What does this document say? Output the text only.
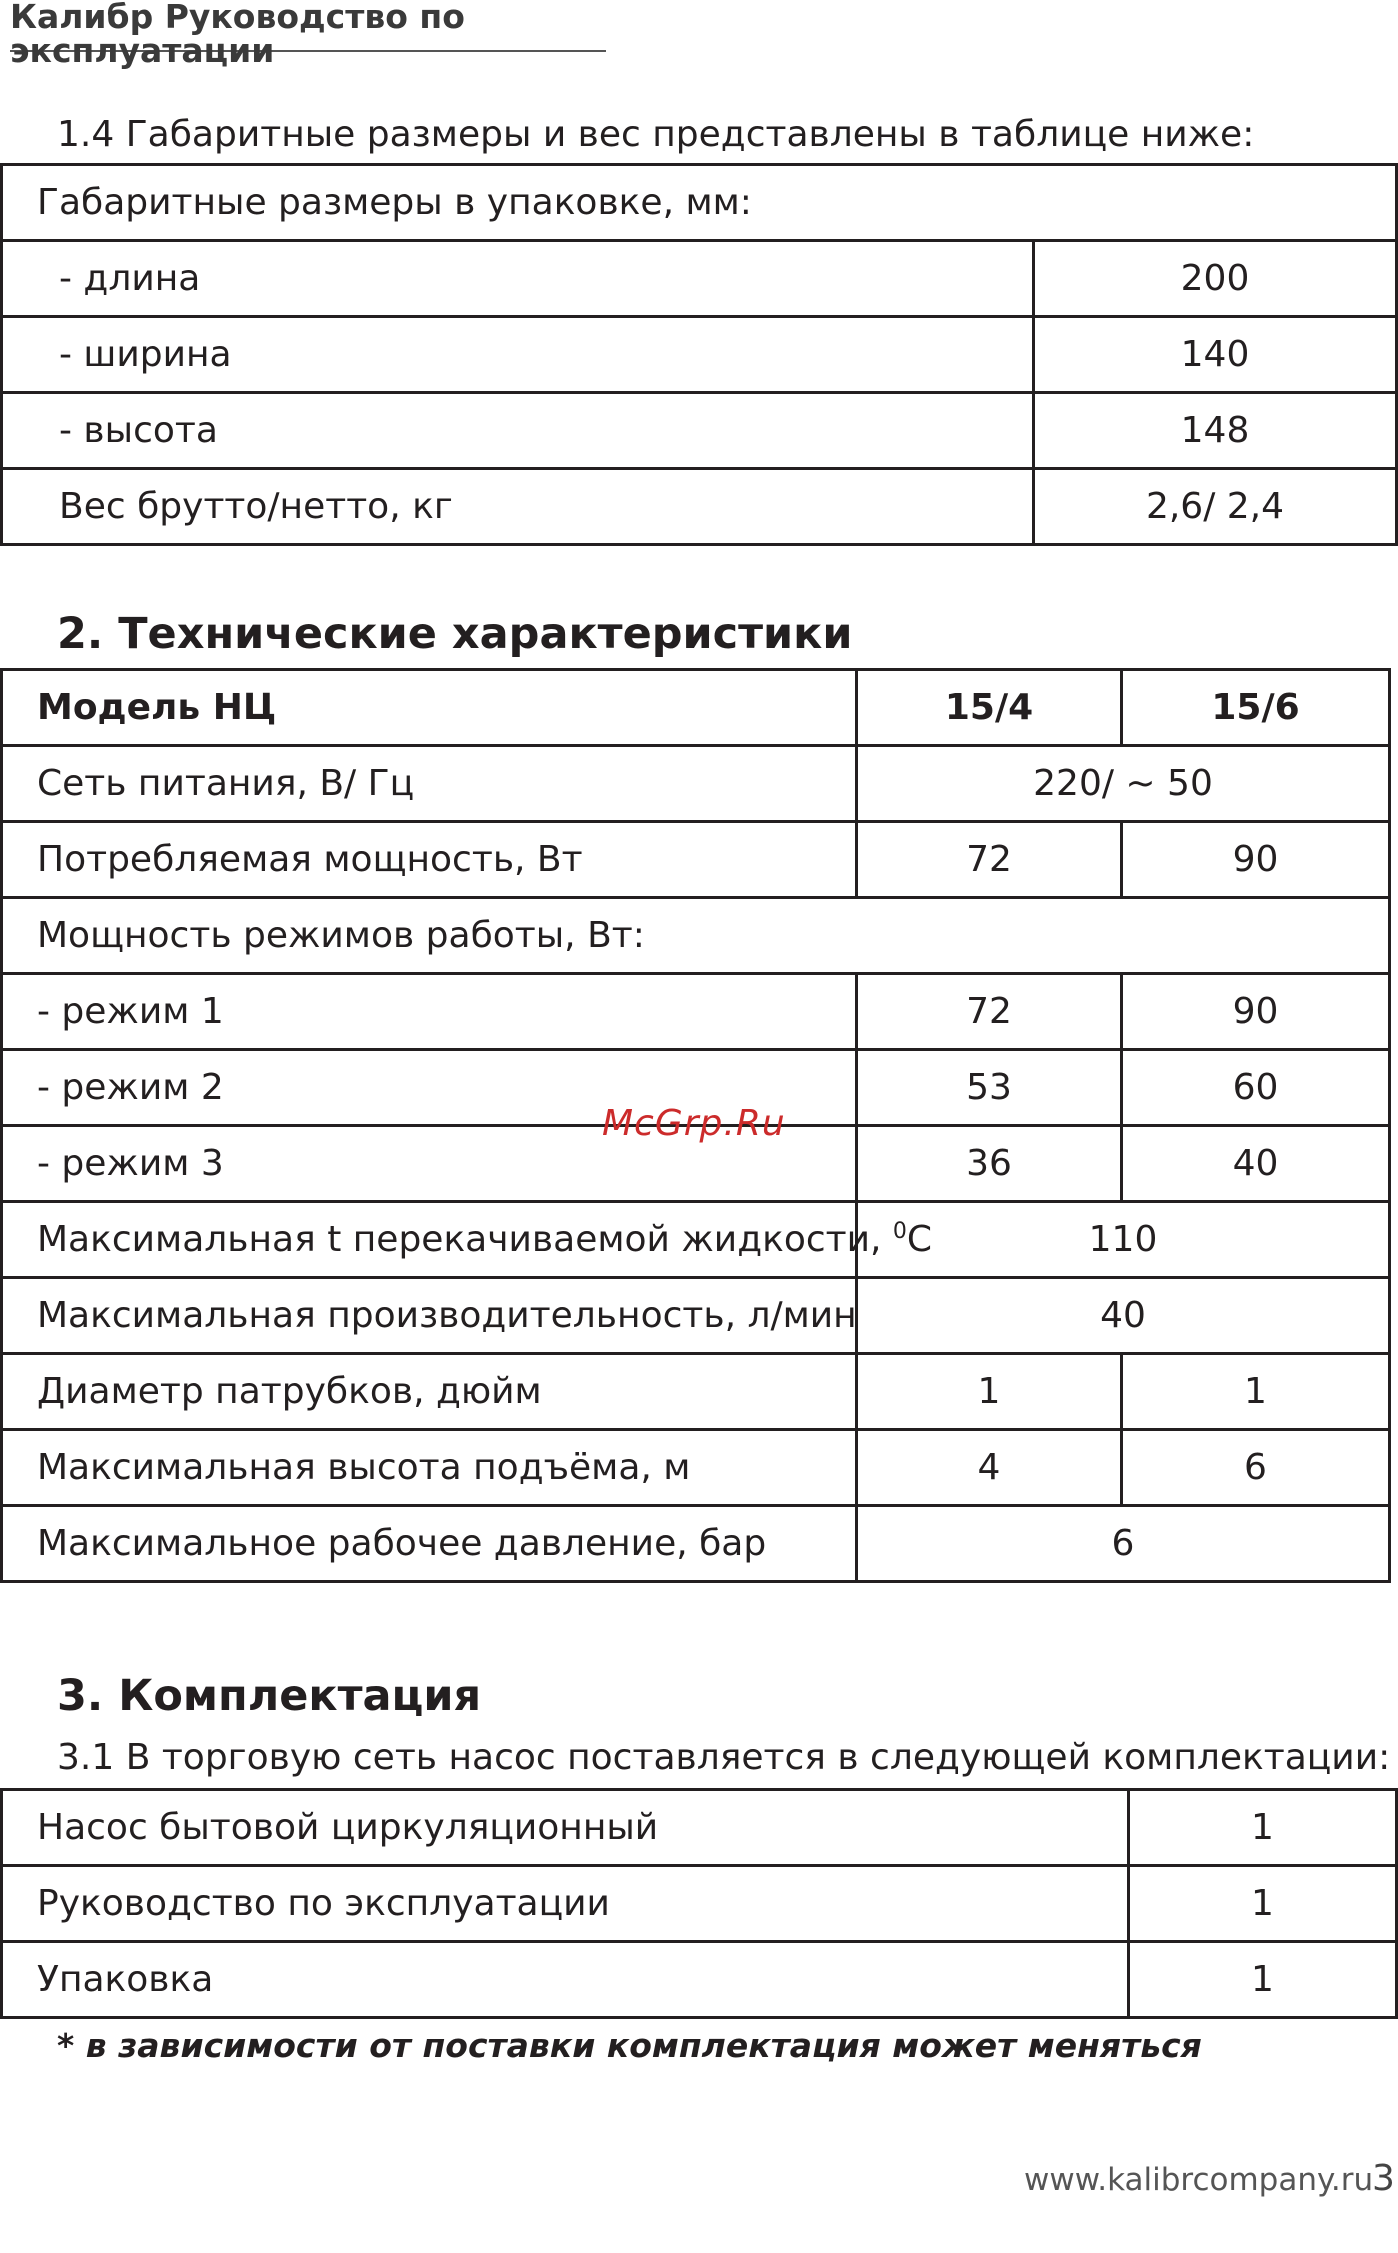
Калибр Руководство по эксплуатации
1.4 Габаритные размеры и вес представлены в таблице ниже:
Габаритные размеры в упаковке, мм:	
- длина	200
- ширина	140
- высота	148
Вес брутто/нетто, кг	2,6/ 2,4
2. Технические характеристики
Модель НЦ	15/4	15/6
Сеть питания, В/ Гц	220/ ~ 50	
Потребляемая мощность, Вт	72	90
Мощность режимов работы, Вт:		
- режим 1	72	90
- режим 2	53	60
- режим 3	36	40
Максимальная t перекачиваемой жидкости, $^0$С	110	
Максимальная производительность, л/мин	40	
Диаметр патрубков, дюйм	1	1
Максимальная высота подъёма, м	4	6
Максимальное рабочее давление, бар	6	
McGrp.Ru
3. Комплектация
3.1 В торговую сеть насос поставляется в следующей комплектации:
Насос бытовой циркуляционный	1
Руководство по эксплуатации	1
Упаковка	1
* в зависимости от поставки комплектация может меняться
www.kalibrcompany.ru
3
